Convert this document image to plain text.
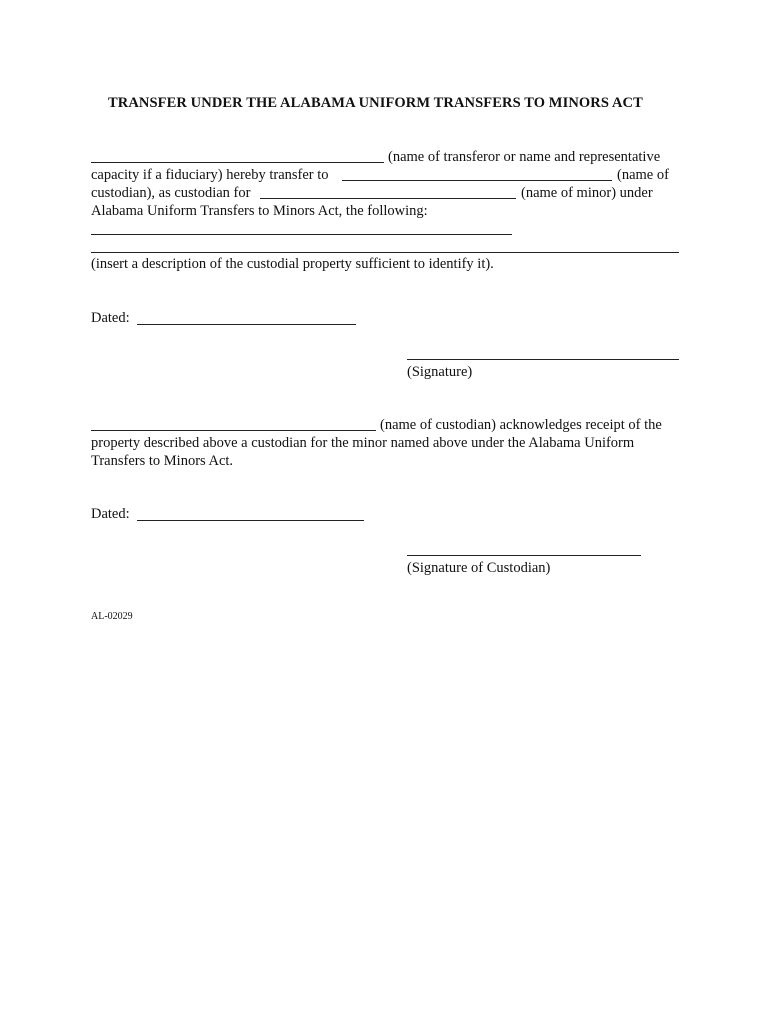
TRANSFER UNDER THE ALABAMA UNIFORM TRANSFERS TO MINORS ACT
(name of transferor or name and representative
capacity if a fiduciary) hereby transfer to	(name of
custodian), as custodian for	(name of minor) under
Alabama Uniform Transfers to Minors Act, the following:
(insert a description of the custodial property sufficient to identify it).
Dated:
(Signature)
(name of custodian) acknowledges receipt of the
property described above a custodian for the minor named above under the Alabama Uniform
Transfers to Minors Act.
Dated:
(Signature of Custodian)
AL-02029
